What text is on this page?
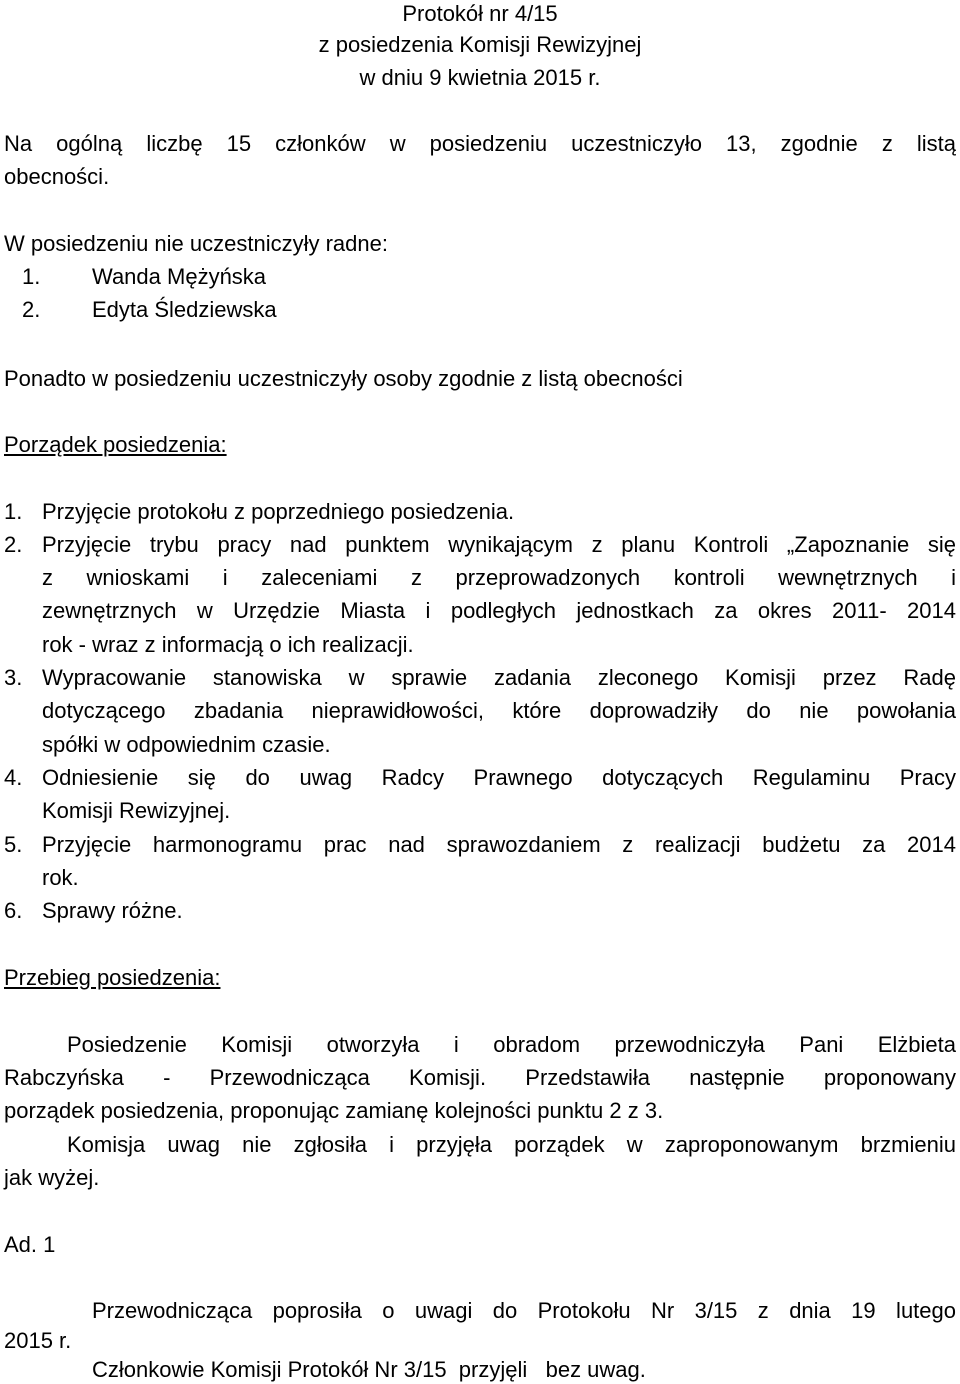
Protokół nr 4/15
z posiedzenia Komisji Rewizyjnej
w dniu 9 kwietnia 2015 r.
Na ogólną liczbę 15 członków w posiedzeniu uczestniczyło 13, zgodnie z listą
obecności.
W posiedzeniu nie uczestniczyły radne:
1. Wanda Mężyńska
2. Edyta Śledziewska
Ponadto w posiedzeniu uczestniczyły osoby zgodnie z listą obecności
Porządek posiedzenia:
1. Przyjęcie protokołu z poprzedniego posiedzenia.
2. Przyjęcie trybu pracy nad punktem wynikającym z planu Kontroli „Zapoznanie się
z wnioskami i zaleceniami z przeprowadzonych kontroli wewnętrznych i
zewnętrznych w Urzędzie Miasta i podległych jednostkach za okres 2011- 2014
rok - wraz z informacją o ich realizacji.
3. Wypracowanie stanowiska w sprawie zadania zleconego Komisji przez Radę
dotyczącego zbadania nieprawidłowości, które doprowadziły do nie powołania
spółki w odpowiednim czasie.
4. Odniesienie się do uwag Radcy Prawnego dotyczących Regulaminu Pracy
Komisji Rewizyjnej.
5. Przyjęcie harmonogramu prac nad sprawozdaniem z realizacji budżetu za 2014
rok.
6. Sprawy różne.
Przebieg posiedzenia:
Posiedzenie Komisji otworzyła i obradom przewodniczyła Pani Elżbieta
Rabczyńska - Przewodnicząca Komisji. Przedstawiła następnie proponowany
porządek posiedzenia, proponując zamianę kolejności punktu 2 z 3.
Komisja uwag nie zgłosiła i przyjęła porządek w zaproponowanym brzmieniu
jak wyżej.
Ad. 1
Przewodnicząca poprosiła o uwagi do Protokołu Nr 3/15 z dnia 19 lutego
2015 r.
Członkowie Komisji Protokół Nr 3/15  przyjęli   bez uwag.
